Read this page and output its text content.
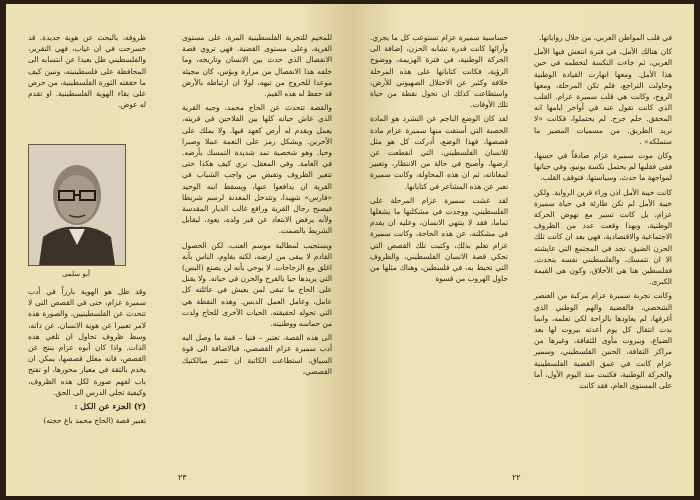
للمخيم للتجربة الفلسطينية المرة، على مستوى القرية، وعلى مستوى القضية. فهي تروي قصة الانفصال الذي حدث بين الانسان وتاريخه، وما خلفه هذا الانفصال من مرارة وبؤس، كان مجيئه موعدا للخروج من تيهه، لولا ان ارتباطه بالأرض قد حفظ له هذه القيم.

والقصة تتحدث عن الحاج محمد، وجيه القرية الذي عاش حياته كلها بين الفلاحين في قريته، يعمل ويقدم له أرض كعهد قبها. ولا يملك على الأخرين. ويشكل رمز على النعمة عملا وصبرا وحبا. وهو شخصية تمد شديدة التمسك بأرضه. في العامة. وفي المعقل، نري كيف هكذا حتى تتغير الظروف وتقبض من واجب الشباب في القرية ان يدافعوا عنها، ويسقط ابنه الوحيد «فارس» شهيدا، وتتدخل المعدنة لرسم شريطا فيصبح رجال القرية ورافع غالب الديار المقدسة ولأنه يرفض الابتعاد عن قبر ولده، يعود، ليقابل الشريط بالصمت.

ويستجيب لمطالبة موسم العنب، لكن الحصول القادم لا يبقى من ارضه، لكنه يقاوم، الناس بأنه اغلق مع الزجاجات. لا يوحي بأنه لن يصنع (البس) التي يريدها حيا بالفرح والحزن في حياته. ولا يقتل على الحاج ما تبقى لمن يعيش في عائلته كل عامل، وعامل العمل الدبس. وهذه النقطة هي التي تحوله لحقيقته. الحيات الأخرى للحاج ولدت من حماسه ووطنيته.

الى هذه القصة، تعتبر – فنيا – قمة ما وصل اليه أدب سميرة عزام القصصي، فبالاضافة الى قوة السياق، استطاعت الكاتبة ان تتميز ميالكتيك القصصي،

ظروفه، بالبحث عن هوية جديدة. قد خسرحت في ان غياب، فهي التقرير، والفلسطيني ظل بعيدا عن انتسابه الى المحافظة على فلسطينيته، وتبين كيف ما حققته الثورة الفلسطينية، من حرص على بقاء الهوية الفلسطينية. او تقدم له عوض.

أبو سلمى

وقد ظل هو الهوية بارزاً في أدب سميرة عزام، حتى في القصص التي لا تتحدث عن الفلسطينيين، والصورة هذه لامر تعبيرا عن هوية الانسان. عن ذاته، وسط ظروف تحاول ان تلغي هذه الذات. واذا كان أبوه عزام ينتج عن القصص، فانه معلل قصصها، يمكن ان يخدم بالثقة في معيار محورها، او تفتح باب لفهم صورة لكل هذه الظروف، وكيفية تجلي الدرس الى الحق.

(٢) الجزء عن الكل :

تعبير قصة (الحاج محمد باع حجته)

٢٣

في قلب المواطن العربي، من خلال رواياتها.

كان هنالك الأمل، في فترة انتعش فيها الأمل العربي، ثم جاءت النكسة لتحطمه في حين هذا الأمل. ومعها انهارت القيادة الوطنية وحاولت التراجع، فلم تكن المرحلة، ومعها الروح، وكانت هي قلب سميرة عزام. القلب الذي كانت تقول عنه في أواخر ايامها انه المحقق. حلم جرح. لم يحتملوا، فكانت «لا نريد الطريق. من مسميات المصير ما ستملكه» .

وكان موت سميرة عزام صادقاً في حسها، ففي فقلبها لم يحتمل نكسة يونيو، وفي حياتها لمواجهة ما حدث، وسياستها، فتوقف القلب.

كانت خيبة الأمل اذن وراء قرين الرواية. ولكن خيبة الأمل لم تكن طارئة في حياة سميرة عزام، بل كانت تسير مع نهوض الحركة الوطنية، وبهذا وقعت عدد من الظروف الاجتماعية والاقتصادية، فهي بعد ان كانت تلك الحزن الضيق، تجد في المجتمع التي عايشته الا ان تتمسك، والفلسطيني نفسه يتحدث. ففلسطين هنا هي الأخلاق، وكون هي القيمة الكبرى.

وكانت تجربة سميرة عزام مركبة من العنصر الشخصي، فالقضية والهم الوطني الذي أغرقها، لم يعاودها بالراحة لكي تعلمه، وانما بدت انتقال كل يوم أعدته بيروت لها بعد الضياع، وبيروت مأوى للثقافة، وغيرها من مراكز الثقافة، الحنين الفلسطيني، وسمير عزام كانت في عمق القضية الفلسطينية والحركة الوطنية، فكتبت منذ اليوم الأول، أما على المستوى العام، فقد كانت

حساسية سميرة عزام تستوعب كل ما يجري. وآرائها كانت قدرة تشابه الحزن، إضافة الى الحركة الوطنية، في فترة الهزيمة، ووضوح الرؤية، فكانت كتاباتها على هذه المرحلة خلافة وكثير عن الاحتلال الصهيوني للأرض، واستطاعت كذلك ان تحول نقطة من حياة تلك الأوقات.

لقد كان الوضع الناجم عن التشرد هو المادة الخصبة التي أستقت منها سميرة عزام مادة قصصها، فهذا الوضع، أدركت كل هو مثل للانسان الفلسطيني، التي انقطعت عن ارضها، وأصبح في حالة من الانتظار، وتعبير لمعاناته، ثم ان هذه المحاولة، وكانت سميرة تعبر عن هذه المشاعر في كتاباتها.

لقد عشت سميرة عزام المرحلة على الفلسطيني، ووجدت في مشكلتها ما يشغلها تماما، فقد لا ينتهي الانسان، وعليه ان يقدم في مشكلته، عن هذه الحاجة، وكانت سميرة عزام تعلم بذلك، وكتبت تلك القصص التي تحكي قصة الانسان الفلسطيني، والظروف التي تحيط به، في فلسطين، وهناك مثلها من حاول الهروب من قسوة

٢٢
